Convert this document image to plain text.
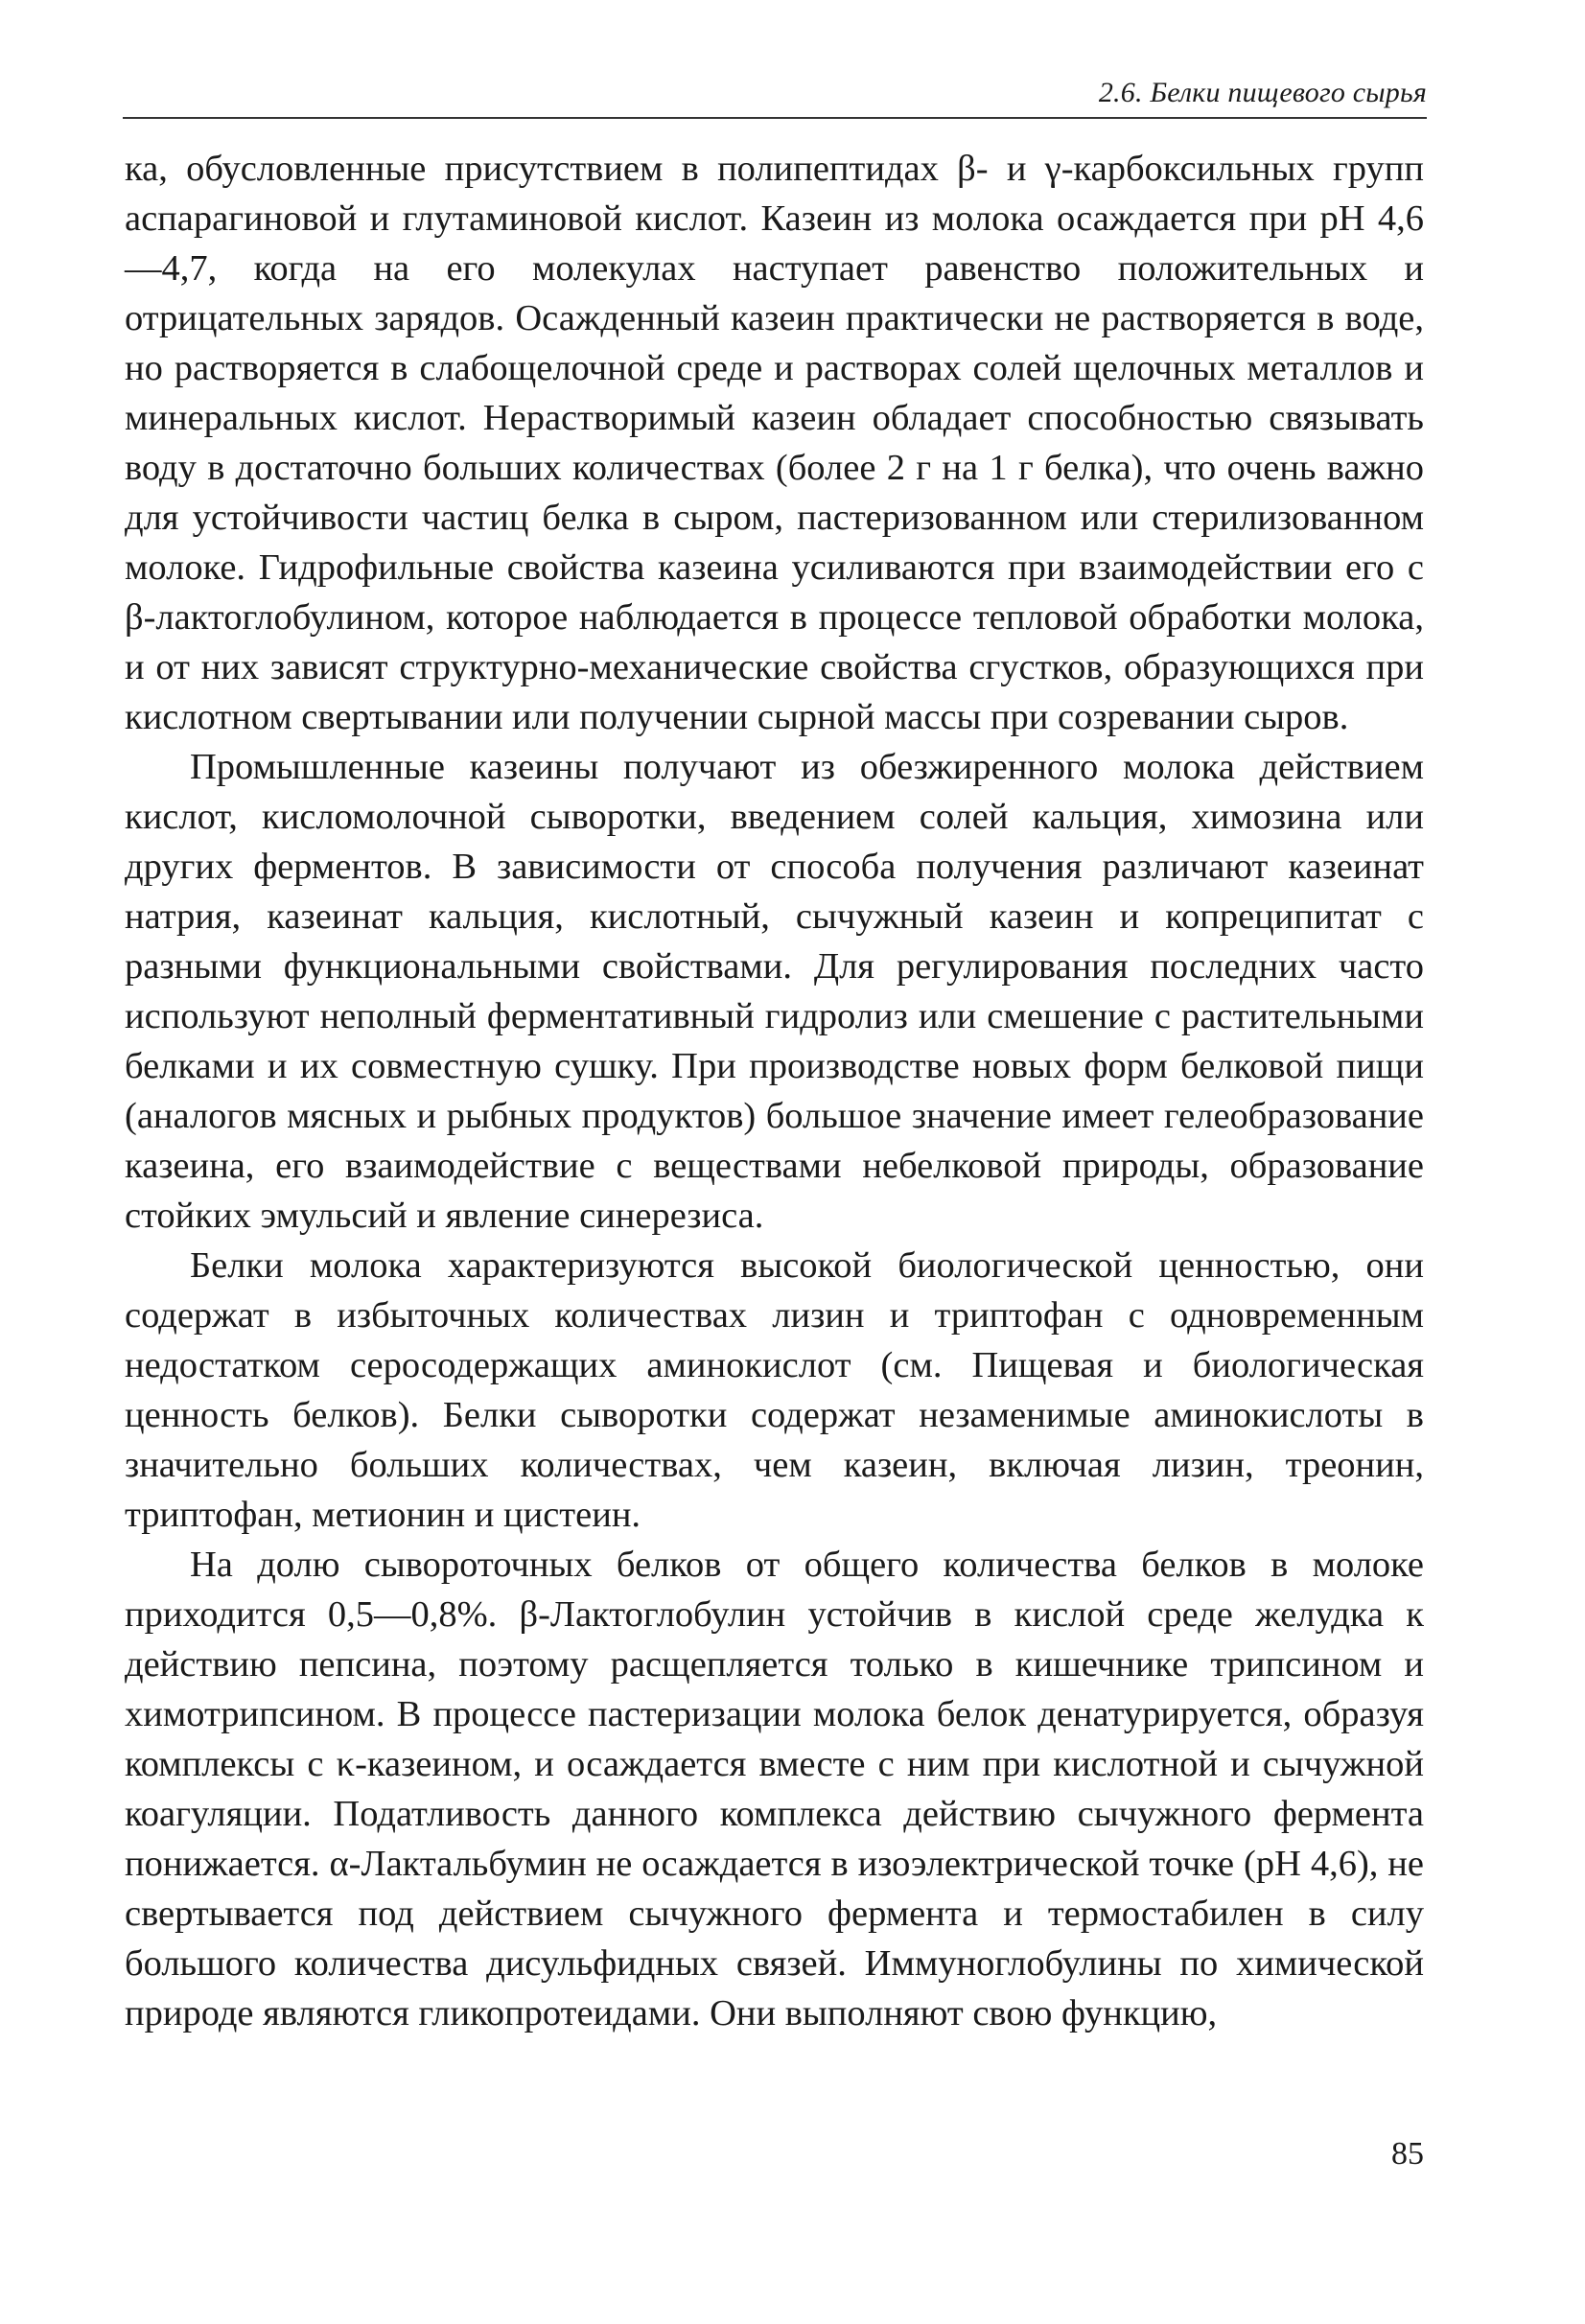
2.6. Белки пищевого сырья

ка, обусловленные присутствием в полипептидах β- и γ-карбоксильных групп аспарагиновой и глутаминовой кислот. Казеин из молока осаждается при рН 4,6—4,7, когда на его молекулах наступает равенство положительных и отрицательных зарядов. Осажденный казеин практически не растворяется в воде, но растворяется в слабощелочной среде и растворах солей щелочных металлов и минеральных кислот. Нерастворимый казеин обладает способностью связывать воду в достаточно больших количествах (более 2 г на 1 г белка), что очень важно для устойчивости частиц белка в сыром, пастеризованном или стерилизованном молоке. Гидрофильные свойства казеина усиливаются при взаимодействии его с β-лактоглобулином, которое наблюдается в процессе тепловой обработки молока, и от них зависят структурно-механические свойства сгустков, образующихся при кислотном свертывании или получении сырной массы при созревании сыров.

Промышленные казеины получают из обезжиренного молока действием кислот, кисломолочной сыворотки, введением солей кальция, химозина или других ферментов. В зависимости от способа получения различают казеинат натрия, казеинат кальция, кислотный, сычужный казеин и копреципитат с разными функциональными свойствами. Для регулирования последних часто используют неполный ферментативный гидролиз или смешение с растительными белками и их совместную сушку. При производстве новых форм белковой пищи (аналогов мясных и рыбных продуктов) большое значение имеет гелеобразование казеина, его взаимодействие с веществами небелковой природы, образование стойких эмульсий и явление синерезиса.

Белки молока характеризуются высокой биологической ценностью, они содержат в избыточных количествах лизин и триптофан с одновременным недостатком серосодержащих аминокислот (см. Пищевая и биологическая ценность белков). Белки сыворотки содержат незаменимые аминокислоты в значительно больших количествах, чем казеин, включая лизин, треонин, триптофан, метионин и цистеин.

На долю сывороточных белков от общего количества белков в молоке приходится 0,5—0,8%. β-Лактоглобулин устойчив в кислой среде желудка к действию пепсина, поэтому расщепляется только в кишечнике трипсином и химотрипсином. В процессе пастеризации молока белок денатурируется, образуя комплексы с κ-казеином, и осаждается вместе с ним при кислотной и сычужной коагуляции. Податливость данного комплекса действию сычужного фермента понижается. α-Лактальбумин не осаждается в изоэлектрической точке (рН 4,6), не свертывается под действием сычужного фермента и термостабилен в силу большого количества дисульфидных связей. Иммуноглобулины по химической природе являются гликопротеидами. Они выполняют свою функцию,

85
